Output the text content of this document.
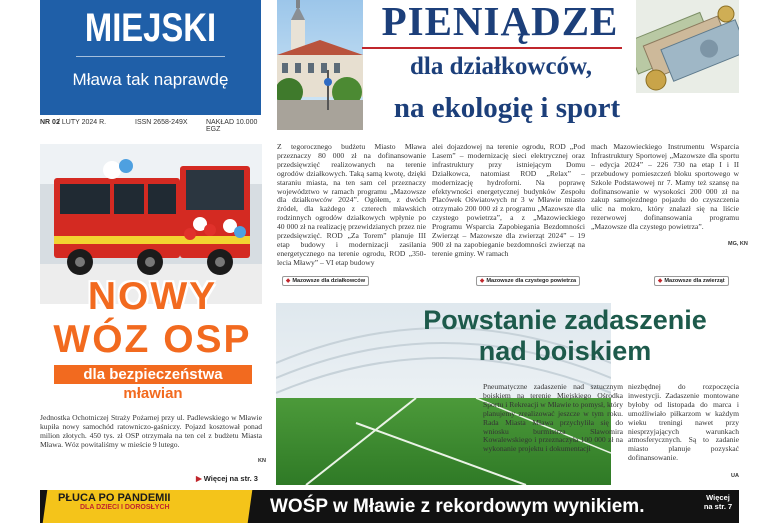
MIEJSKI
Mława tak naprawdę
NR 02
/ LUTY 2024 R.	ISSN 2658-249X	NAKŁAD 10.000 EGZ
PIENIĄDZE
dla działkowców,
na ekologię i sport
Z tegorocznego budżetu Miasto Mława przeznaczy 80 000 zł na dofinansowanie przedsięwzięć realizowanych na terenie ogrodów działkowych. Taką samą kwotę, dzięki staraniu miasta, na ten sam cel przeznaczy województwo w ramach programu „Mazowsze dla działkowców 2024”. Ogółem, z dwóch źródeł, dla każdego z czterech mławskich rodzinnych ogrodów działkowych wpłynie po 40 000 zł na realizację przewidzianych przez nie przedsięwzięć. ROD „Za Torem” planuje III etap budowy i modernizacji zasilania energetycznego na terenie ogrodu, ROD „350-lecia Mławy” – VI etap budowy
alei dojazdowej na terenie ogrodu, ROD „Pod Lasem” – modernizację sieci elektrycznej oraz infrastruktury przy istniejącym Domu Działkowca, natomiast ROD „Relax” – modernizację hydroforni. Na poprawę efektywności energetycznej budynków Zespołu Placówek Oświatowych nr 3 w Mławie miasto otrzymało 200 000 zł z programu „Mazowsze dla czystego powietrza”, a z „Mazowieckiego Programu Wsparcia Zapobiegania Bezdomności Zwierząt – Mazowsze dla zwierząt 2024” – 19 900 zł na zapobieganie bezdomności zwierząt na terenie gminy. W ramach
mach Mazowieckiego Instrumentu Wsparcia Infrastruktury Sportowej „Mazowsze dla sportu – edycja 2024” – 226 730 na etap I i II przebudowy pomieszczeń bloku sportowego w Szkole Podstawowej nr 7. Mamy też szansę na dofinansowanie w wysokości 200 000 zł na zakup samojezdnego pojazdu do czyszczenia ulic na mokro, który znalazł się na liście rezerwowej dofinansowania programu „Mazowsze dla czystego powietrza”.
MG, KN
◆ Mazowsze dla działkowców	◆ Mazowsze dla czystego powietrza	◆ Mazowsze dla zwierząt
NOWY
WÓZ OSP
dla bezpieczeństwa
mławian
Jednostka Ochotniczej Straży Pożarnej przy ul. Padlewskiego w Mławie kupiła nowy samochód ratowniczo-gaśniczy. Pojazd kosztował ponad milion złotych. 450 tys. zł OSP otrzymała na ten cel z budżetu Miasta Mława. Wóz powitaliśmy w mieście 9 lutego.
KN
▶ Więcej na str. 3
Powstanie zadaszenie
nad boiskiem
Pneumatyczne zadaszenie nad sztucznym boiskiem na terenie Miejskiego Ośrodka Sportu i Rekreacji w Mławie to pomysł, który planujemy zrealizować jeszcze w tym roku. Rada Miasta Mława przychyliła się do wniosku burmistrza Sławomira Kowalewskiego i przeznaczyła 100 000 zł na wykonanie projektu i dokumentacji
niezbędnej do rozpoczęcia inwestycji. Zadaszenie montowane byłoby od listopada do marca i umożliwiało piłkarzom w każdym wieku treningi nawet przy niesprzyjających warunkach atmosferycznych. Są to zadanie miasto planuje pozyskać dofinansowanie.
UA
PŁUCA PO PANDEMII
DLA DZIECI I DOROSŁYCH	WOŚP w Mławie z rekordowym wynikiem.	Więcej
na str. 7
